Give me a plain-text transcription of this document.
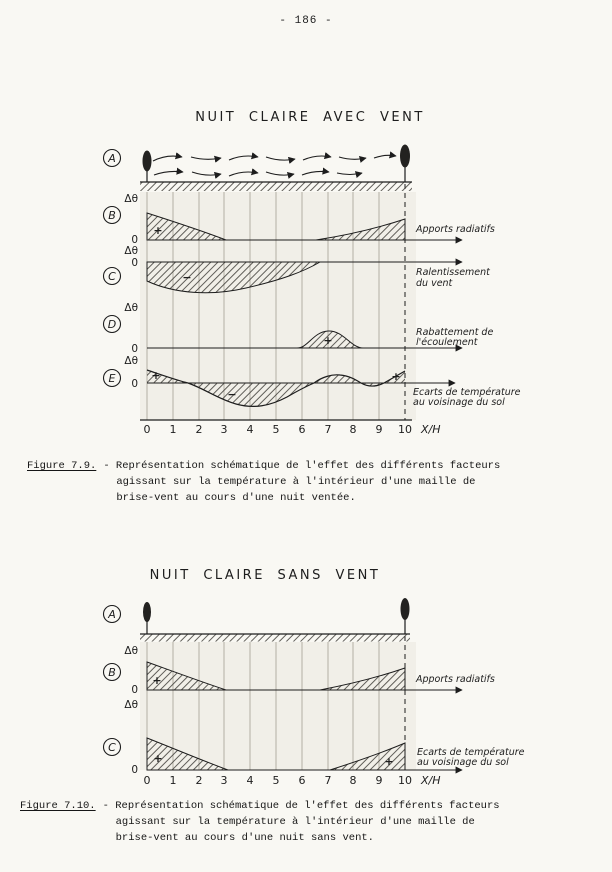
- 186 -
NUIT CLAIRE AVEC VENT
A
Δθ
B
0
+	Apports radiatifs
Δθ
0
C	−	Ralentissement
du vent
Δθ
D
0
+
Rabattement de
l'écoulement
Δθ
E 0
+
−
+
Ecarts de température
au voisinage du sol
0 1 2 3 4 5 6 7 8 9 10 X/H
Figure 7.9. - Représentation schématique de l'effet des différents facteurs
agissant sur la température à l'intérieur d'une maille de
brise-vent au cours d'une nuit ventée.
NUIT CLAIRE SANS VENT
A
Δθ
B
0
+	Apports radiatifs
Δθ
C
0
+	+
Ecarts de température
au voisinage du sol
0 1 2 3 4 5 6 7 8 9 10 X/H
Figure 7.10. - Représentation schématique de l'effet des différents facteurs
agissant sur la température à l'intérieur d'une maille de
brise-vent au cours d'une nuit sans vent.
